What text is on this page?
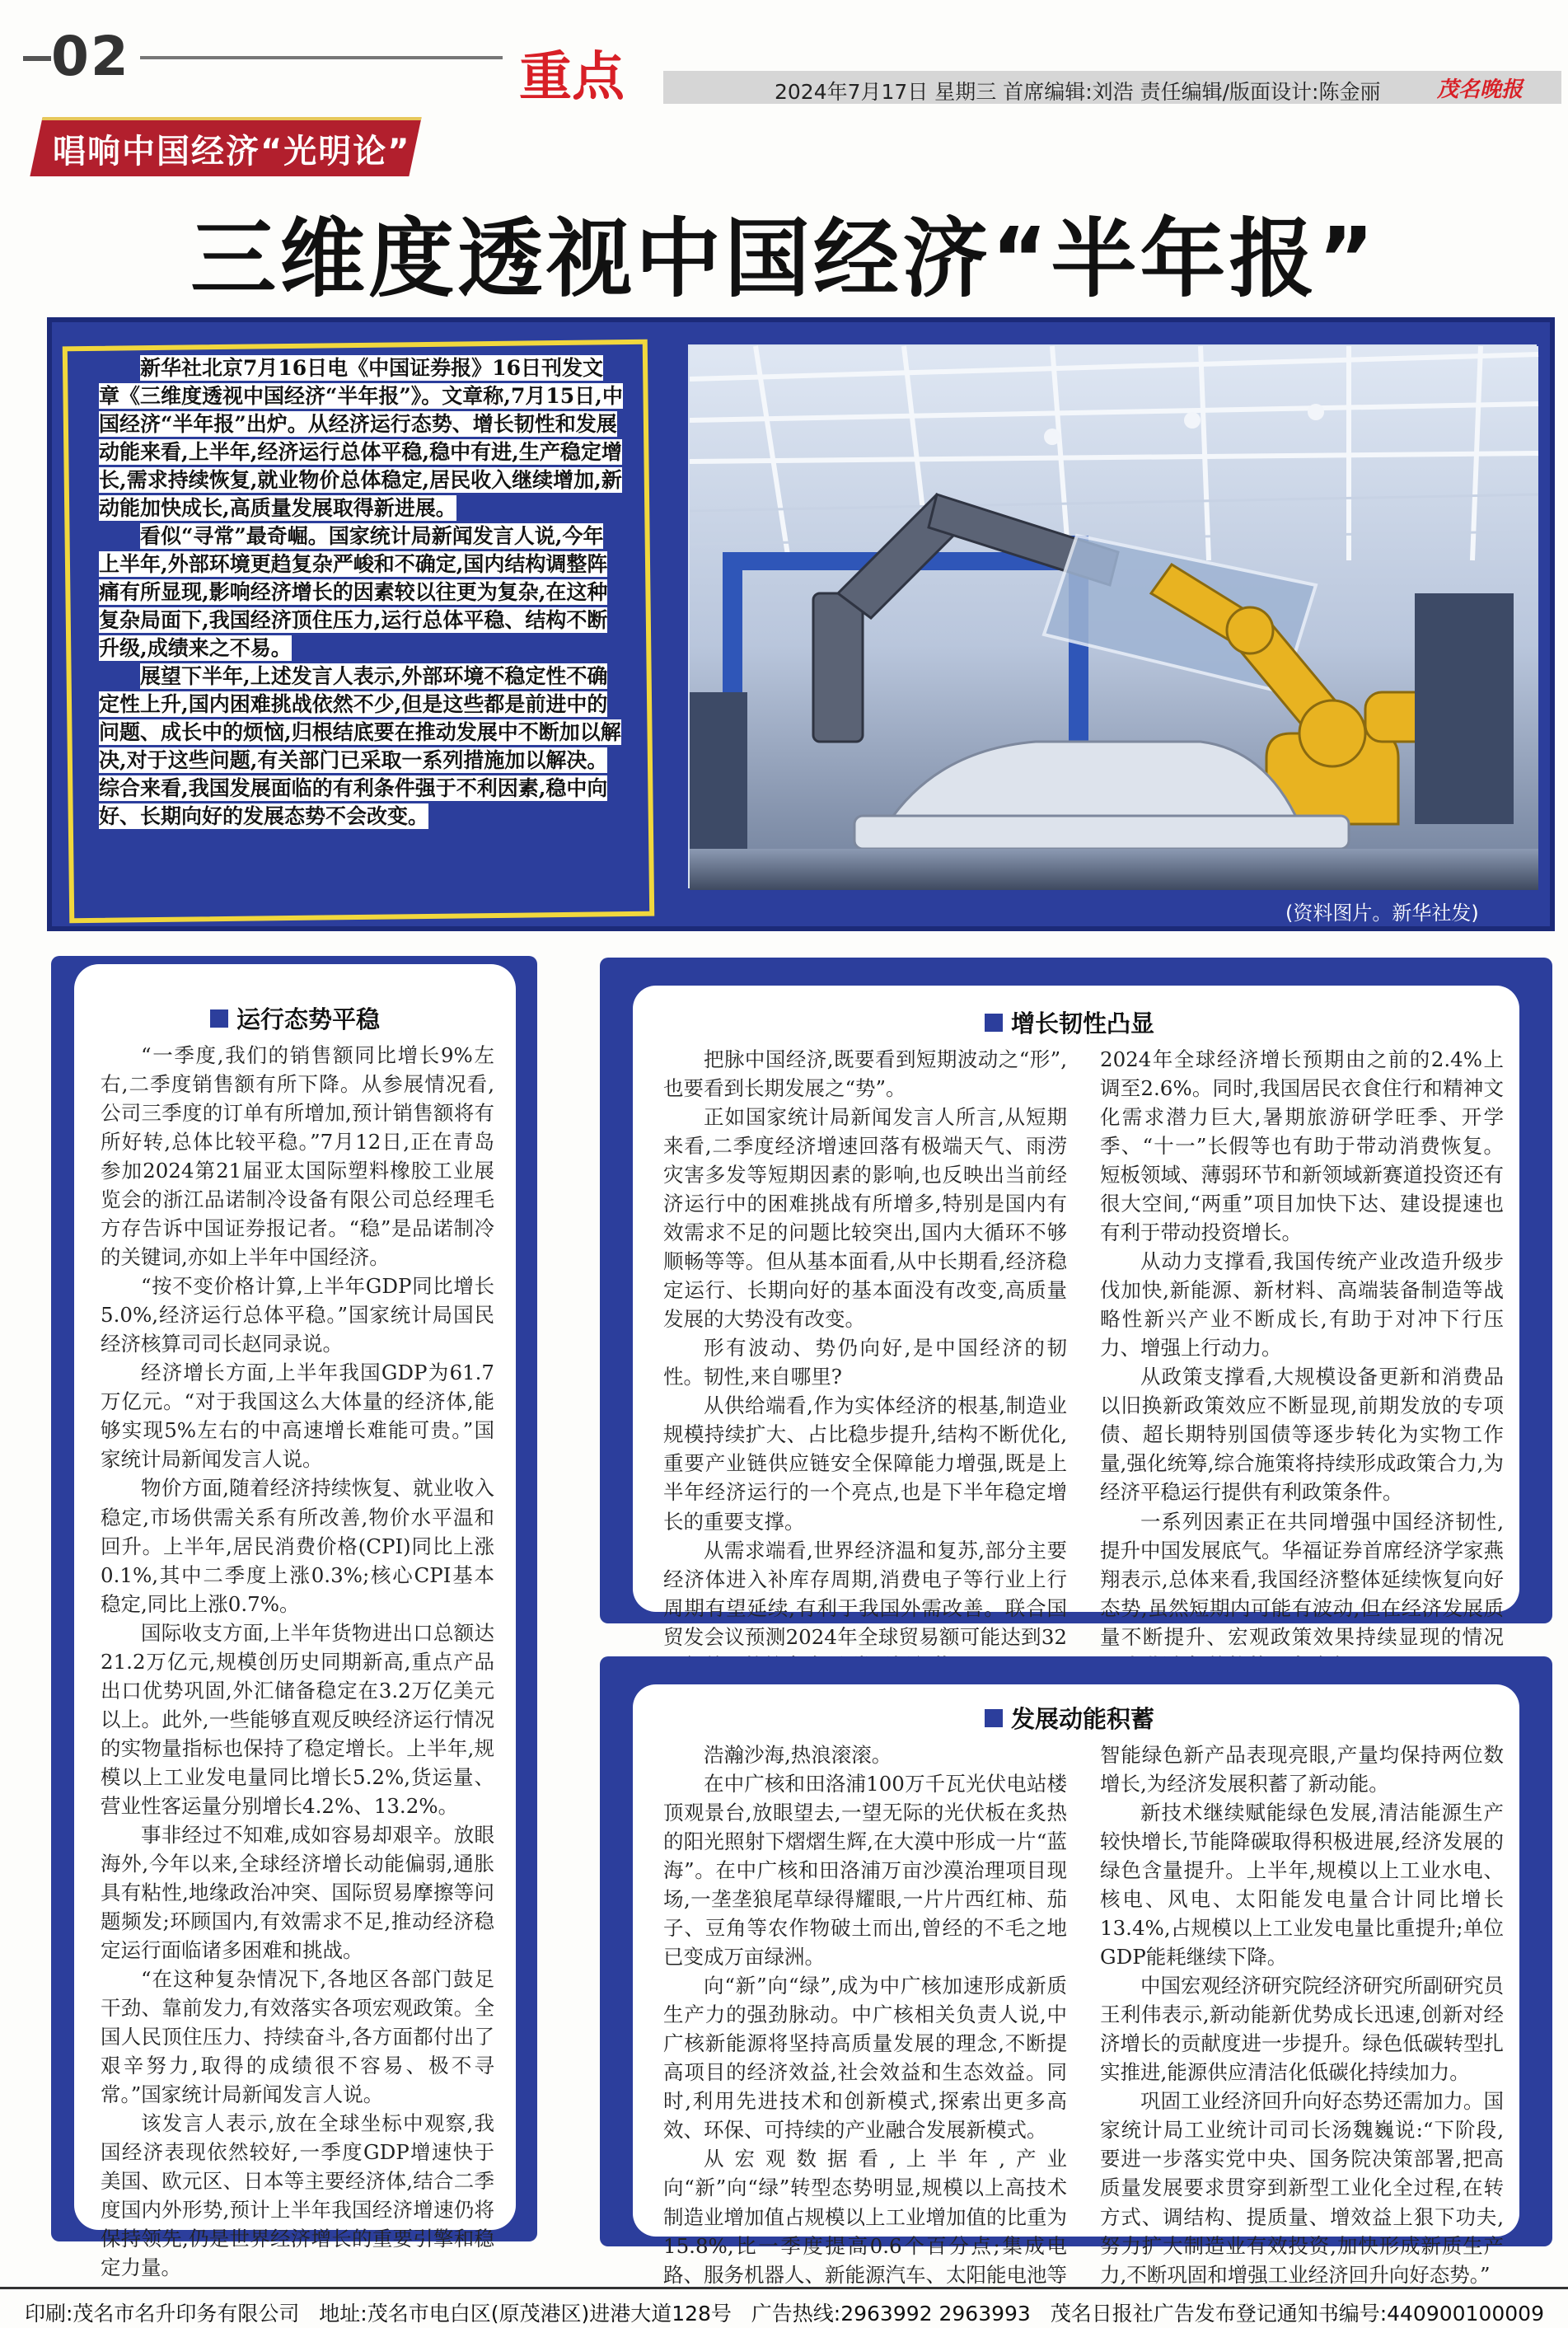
02	重点	2024年7月17日 星期三 首席编辑:刘浩 责任编辑/版面设计:陈金丽	茂名晚报
唱响中国经济“光明论”
三维度透视中国经济“半年报”

新华社北京7月16日电《中国证券报》16日刊发文章《三维度透视中国经济“半年报”》。文章称,7月15日,中国经济“半年报”出炉。从经济运行态势、增长韧性和发展动能来看,上半年,经济运行总体平稳,稳中有进,生产稳定增长,需求持续恢复,就业物价总体稳定,居民收入继续增加,新动能加快成长,高质量发展取得新进展。

看似“寻常”最奇崛。国家统计局新闻发言人说,今年上半年,外部环境更趋复杂严峻和不确定,国内结构调整阵痛有所显现,影响经济增长的因素较以往更为复杂,在这种复杂局面下,我国经济顶住压力,运行总体平稳、结构不断升级,成绩来之不易。

展望下半年,上述发言人表示,外部环境不稳定性不确定性上升,国内困难挑战依然不少,但是这些都是前进中的问题、成长中的烦恼,归根结底要在推动发展中不断加以解决,对于这些问题,有关部门已采取一系列措施加以解决。综合来看,我国发展面临的有利条件强于不利因素,稳中向好、长期向好的发展态势不会改变。

(资料图片。新华社发)
运行态势平稳

“一季度,我们的销售额同比增长9%左右,二季度销售额有所下降。从参展情况看,公司三季度的订单有所增加,预计销售额将有所好转,总体比较平稳。”7月12日,正在青岛参加2024第21届亚太国际塑料橡胶工业展览会的浙江品诺制冷设备有限公司总经理毛方存告诉中国证券报记者。“稳”是品诺制冷的关键词,亦如上半年中国经济。

“按不变价格计算,上半年GDP同比增长5.0%,经济运行总体平稳。”国家统计局国民经济核算司司长赵同录说。

经济增长方面,上半年我国GDP为61.7万亿元。“对于我国这么大体量的经济体,能够实现5%左右的中高速增长难能可贵。”国家统计局新闻发言人说。

物价方面,随着经济持续恢复、就业收入稳定,市场供需关系有所改善,物价水平温和回升。上半年,居民消费价格(CPI)同比上涨0.1%,其中二季度上涨0.3%;核心CPI基本稳定,同比上涨0.7%。

国际收支方面,上半年货物进出口总额达21.2万亿元,规模创历史同期新高,重点产品出口优势巩固,外汇储备稳定在3.2万亿美元以上。此外,一些能够直观反映经济运行情况的实物量指标也保持了稳定增长。上半年,规模以上工业发电量同比增长5.2%,货运量、营业性客运量分别增长4.2%、13.2%。

事非经过不知难,成如容易却艰辛。放眼海外,今年以来,全球经济增长动能偏弱,通胀具有粘性,地缘政治冲突、国际贸易摩擦等问题频发;环顾国内,有效需求不足,推动经济稳定运行面临诸多困难和挑战。

“在这种复杂情况下,各地区各部门鼓足干劲、靠前发力,有效落实各项宏观政策。全国人民顶住压力、持续奋斗,各方面都付出了艰辛努力,取得的成绩很不容易、极不寻常。”国家统计局新闻发言人说。

该发言人表示,放在全球坐标中观察,我国经济表现依然较好,一季度GDP增速快于美国、欧元区、日本等主要经济体,结合二季度国内外形势,预计上半年我国经济增速仍将保持领先,仍是世界经济增长的重要引擎和稳定力量。

增长韧性凸显

把脉中国经济,既要看到短期波动之“形”,也要看到长期发展之“势”。

正如国家统计局新闻发言人所言,从短期来看,二季度经济增速回落有极端天气、雨涝灾害多发等短期因素的影响,也反映出当前经济运行中的困难挑战有所增多,特别是国内有效需求不足的问题比较突出,国内大循环不够顺畅等等。但从基本面看,从中长期看,经济稳定运行、长期向好的基本面没有改变,高质量发展的大势没有改变。

形有波动、势仍向好,是中国经济的韧性。韧性,来自哪里?

从供给端看,作为实体经济的根基,制造业规模持续扩大、占比稳步提升,结构不断优化,重要产业链供应链安全保障能力增强,既是上半年经济运行的一个亮点,也是下半年稳定增长的重要支撑。

从需求端看,世界经济温和复苏,部分主要经济体进入补库存周期,消费电子等行业上行周期有望延续,有利于我国外需改善。联合国贸发会议预测2024年全球贸易额可能达到32

2024年全球经济增长预期由之前的2.4%上调至2.6%。同时,我国居民衣食住行和精神文化需求潜力巨大,暑期旅游研学旺季、开学季、“十一”长假等也有助于带动消费恢复。短板领域、薄弱环节和新领域新赛道投资还有很大空间,“两重”项目加快下达、建设提速也有利于带动投资增长。

从动力支撑看,我国传统产业改造升级步伐加快,新能源、新材料、高端装备制造等战略性新兴产业不断成长,有助于对冲下行压力、增强上行动力。

从政策支撑看,大规模设备更新和消费品以旧换新政策效应不断显现,前期发放的专项债、超长期特别国债等逐步转化为实物工作量,强化统筹,综合施策将持续形成政策合力,为经济平稳运行提供有利政策条件。

一系列因素正在共同增强中国经济韧性,提升中国发展底气。华福证券首席经济学家燕翔表示,总体来看,我国经济整体延续恢复向好态势,虽然短期内可能有波动,但在经济发展质量不断提升、宏观政策效果持续显现的情况

发展动能积蓄

浩瀚沙海,热浪滚滚。

在中广核和田洛浦100万千瓦光伏电站楼顶观景台,放眼望去,一望无际的光伏板在炙热的阳光照射下熠熠生辉,在大漠中形成一片“蓝海”。在中广核和田洛浦万亩沙漠治理项目现场,一垄垄狼尾草绿得耀眼,一片片西红柿、茄子、豆角等农作物破土而出,曾经的不毛之地已变成万亩绿洲。

向“新”向“绿”,成为中广核加速形成新质生产力的强劲脉动。中广核相关负责人说,中广核新能源将坚持高质量发展的理念,不断提高项目的经济效益,社会效益和生态效益。同时,利用先进技术和创新模式,探索出更多高效、环保、可持续的产业融合发展新模式。

从宏观数据看,上半年,产业向“新”向“绿”转型态势明显,规模以上高技术制造业增加值占规模以上工业增加值的比重为15.8%,比一季度提高0.6个百分点;集成电路、服务机器人、新能源汽车、太阳能电池等

智能绿色新产品表现亮眼,产量均保持两位数增长,为经济发展积蓄了新动能。

新技术继续赋能绿色发展,清洁能源生产较快增长,节能降碳取得积极进展,经济发展的绿色含量提升。上半年,规模以上工业水电、核电、风电、太阳能发电量合计同比增长13.4%,占规模以上工业发电量比重提升;单位GDP能耗继续下降。

中国宏观经济研究院经济研究所副研究员王利伟表示,新动能新优势成长迅速,创新对经济增长的贡献度进一步提升。绿色低碳转型扎实推进,能源供应清洁化低碳化持续加力。

巩固工业经济回升向好态势还需加力。国家统计局工业统计司司长汤魏巍说:“下阶段,要进一步落实党中央、国务院决策部署,把高质量发展要求贯穿到新型工业化全过程,在转方式、调结构、提质量、增效益上狠下功夫,努力扩大制造业有效投资,加快形成新质生产力,不断巩固和增强工业经济回升向好态势。”

印刷:茂名市名升印务有限公司 地址:茂名市电白区(原茂港区)进港大道128号 广告热线:2963992 2963993 茂名日报社广告发布登记通知书编号:440900100009
